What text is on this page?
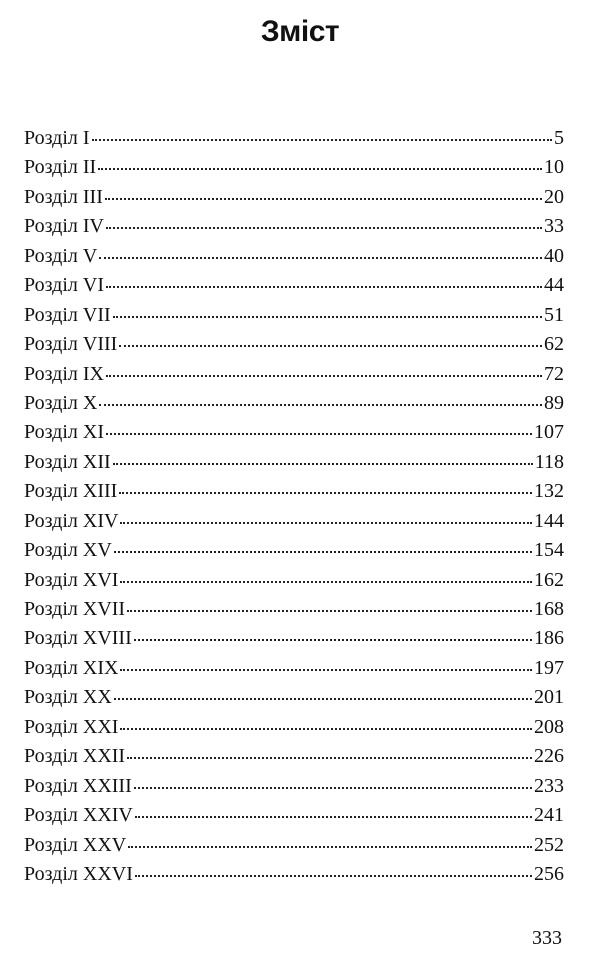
Зміст
Розділ I	5
Розділ II	10
Розділ III	20
Розділ IV	33
Розділ V	40
Розділ VI	44
Розділ VII	51
Розділ VIII	62
Розділ IX	72
Розділ X	89
Розділ XI	107
Розділ XII	118
Розділ XIII	132
Розділ XIV	144
Розділ XV	154
Розділ XVI	162
Розділ XVII	168
Розділ XVIII	186
Розділ XIX	197
Розділ XX	201
Розділ XXI	208
Розділ XXII	226
Розділ XXIII	233
Розділ XXIV	241
Розділ XXV	252
Розділ XXVI	256
333
